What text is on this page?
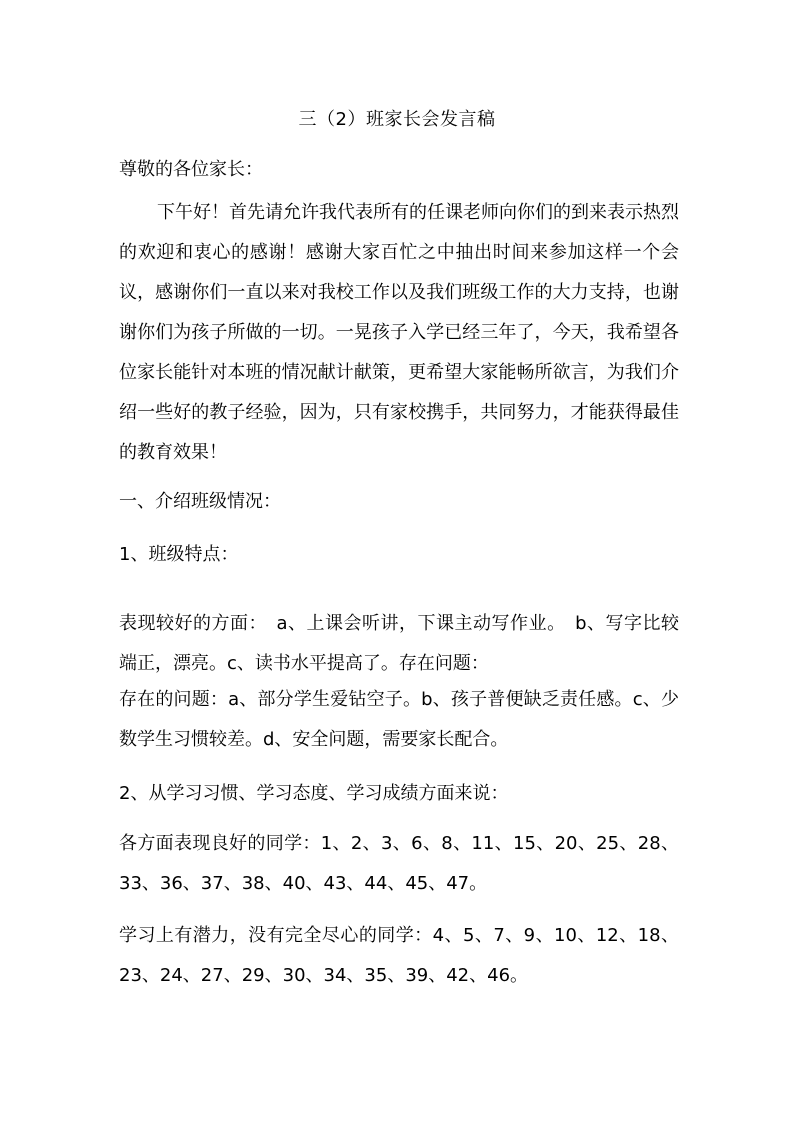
三（2）班家长会发言稿
尊敬的各位家长：

下午好！首先请允许我代表所有的任课老师向你们的到来表示热烈的欢迎和衷心的感谢！感谢大家百忙之中抽出时间来参加这样一个会议，感谢你们一直以来对我校工作以及我们班级工作的大力支持，也谢谢你们为孩子所做的一切。一晃孩子入学已经三年了，今天，我希望各位家长能针对本班的情况献计献策，更希望大家能畅所欲言，为我们介绍一些好的教子经验，因为，只有家校携手，共同努力，才能获得最佳的教育效果！

一、介绍班级情况：
1、班级特点：

表现较好的方面：　a、上课会听讲，下课主动写作业。　b、写字比较端正，漂亮。c、读书水平提高了。存在问题：

存在的问题：a、部分学生爱钻空子。b、孩子普便缺乏责任感。c、少数学生习惯较差。d、安全问题，需要家长配合。

2、从学习习惯、学习态度、学习成绩方面来说：

各方面表现良好的同学：1、2、3、6、8、11、15、20、25、28、33、36、37、38、40、43、44、45、47。

学习上有潜力，没有完全尽心的同学：4、5、7、9、10、12、18、23、24、27、29、30、34、35、39、42、46。
